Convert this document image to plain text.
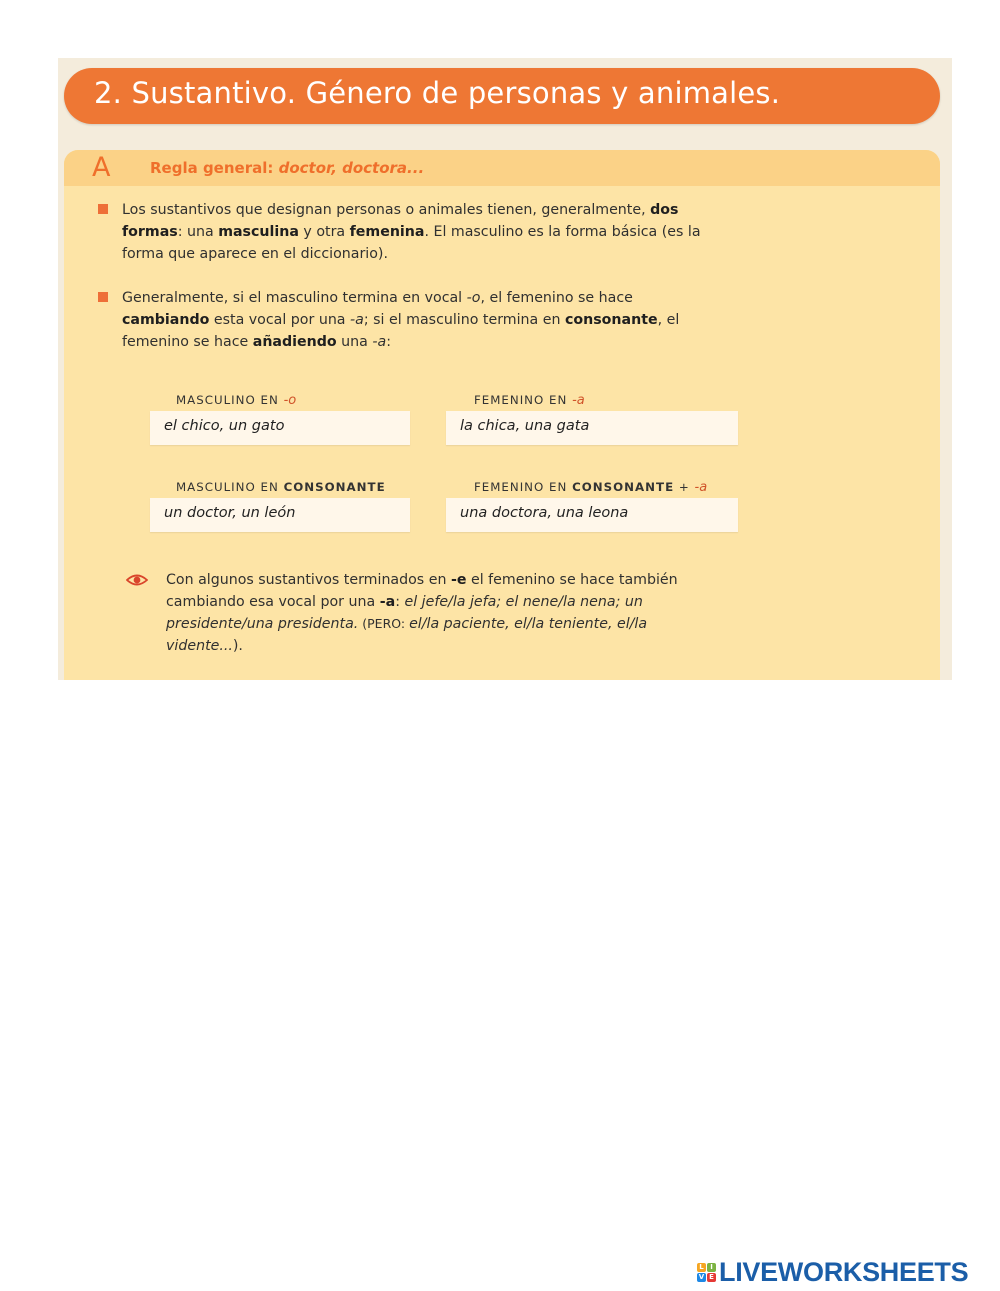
2. Sustantivo. Género de personas y animales.
A	Regla general: doctor, doctora...
Los sustantivos que designan personas o animales tienen, generalmente, dos formas: una masculina y otra femenina. El masculino es la forma básica (es la forma que aparece en el diccionario).
Generalmente, si el masculino termina en vocal -o, el femenino se hace cambiando esta vocal por una -a; si el masculino termina en consonante, el femenino se hace añadiendo una -a:
MASCULINO EN -o	FEMENINO EN -a
el chico, un gato	la chica, una gata
MASCULINO EN CONSONANTE	FEMENINO EN CONSONANTE + -a
un doctor, un león	una doctora, una leona
Con algunos sustantivos terminados en -e el femenino se hace también cambiando esa vocal por una -a: el jefe/la jefa; el nene/la nena; un presidente/una presidenta. (PERO: el/la paciente, el/la teniente, el/la vidente...).
L I
V E LIVEWORKSHEETS
